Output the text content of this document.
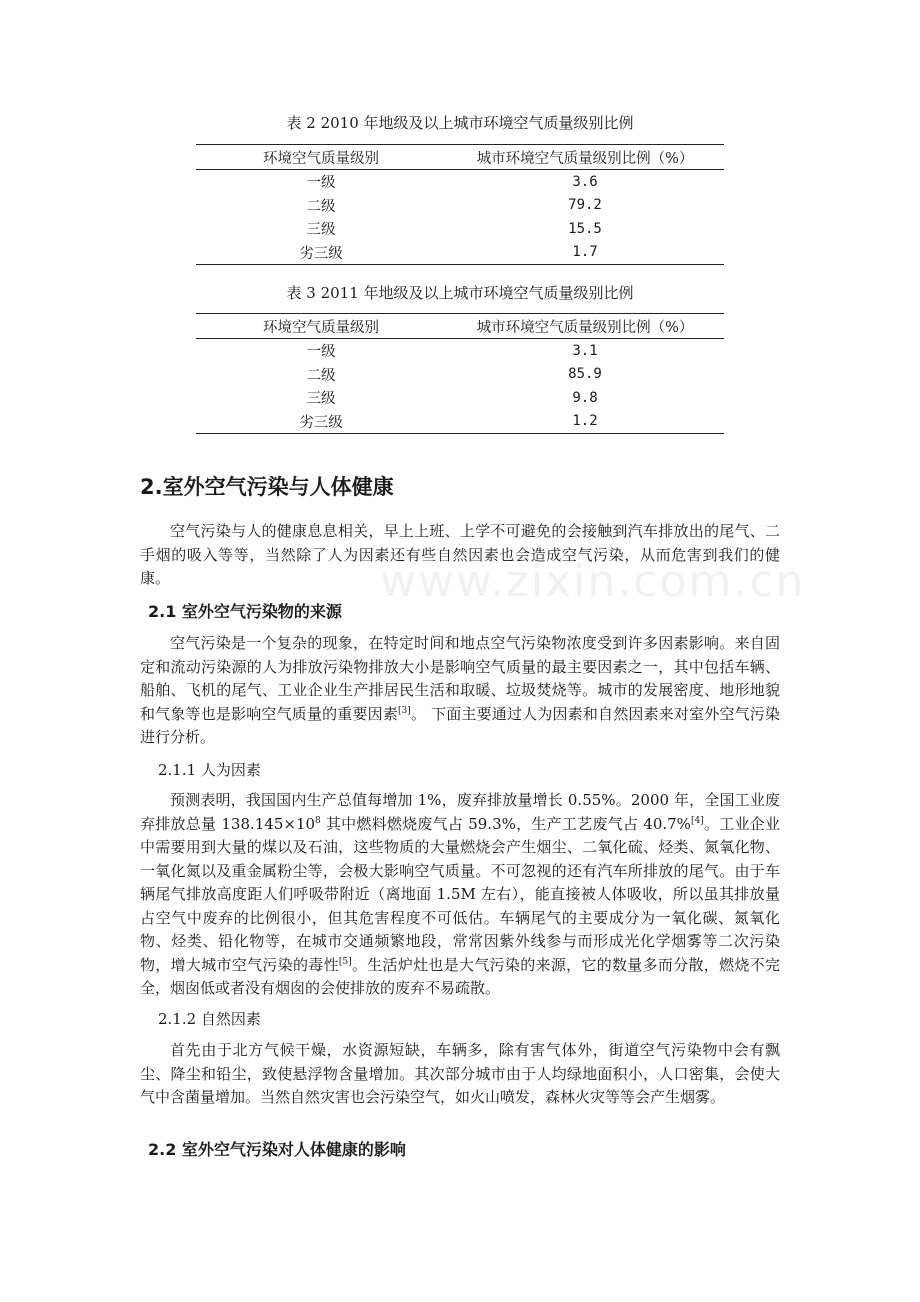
表 2 2010 年地级及以上城市环境空气质量级别比例
环境空气质量级别	城市环境空气质量级别比例（%）
一级	3.6
二级	79.2
三级	15.5
劣三级	1.7
表 3 2011 年地级及以上城市环境空气质量级别比例
环境空气质量级别	城市环境空气质量级别比例（%）
一级	3.1
二级	85.9
三级	9.8
劣三级	1.2
2.室外空气污染与人体健康

空气污染与人的健康息息相关，早上上班、上学不可避免的会接触到汽车排放出的尾气、二手烟的吸入等等，当然除了人为因素还有些自然因素也会造成空气污染，从而危害到我们的健康。	www.zixin.com.cn
2.1 室外空气污染物的来源

空气污染是一个复杂的现象，在特定时间和地点空气污染物浓度受到许多因素影响。来自固定和流动污染源的人为排放污染物排放大小是影响空气质量的最主要因素之一，其中包括车辆、船舶、飞机的尾气、工业企业生产排居民生活和取暖、垃圾焚烧等。城市的发展密度、地形地貌和气象等也是影响空气质量的重要因素[3]。 下面主要通过人为因素和自然因素来对室外空气污染进行分析。

2.1.1 人为因素

预测表明，我国国内生产总值每增加 1%，废弃排放量增长 0.55%。2000 年，全国工业废弃排放总量 $138.145\times 10^8$ 其中燃料燃烧废气占 59.3%，生产工艺废气占 40.7%[4]。工业企业中需要用到大量的煤以及石油，这些物质的大量燃烧会产生烟尘、二氧化硫、烃类、氮氧化物、一氧化氮以及重金属粉尘等，会极大影响空气质量。不可忽视的还有汽车所排放的尾气。由于车辆尾气排放高度距人们呼吸带附近（离地面 1.5M 左右），能直接被人体吸收，所以虽其排放量占空气中废弃的比例很小，但其危害程度不可低估。车辆尾气的主要成分为一氧化碳、氮氧化物、烃类、铅化物等，在城市交通频繁地段，常常因紫外线参与而形成光化学烟雾等二次污染物，增大城市空气污染的毒性[5]。生活炉灶也是大气污染的来源，它的数量多而分散，燃烧不完全，烟囱低或者没有烟囱的会使排放的废弃不易疏散。

2.1.2 自然因素

首先由于北方气候干燥，水资源短缺，车辆多，除有害气体外，街道空气污染物中会有飘尘、降尘和铅尘，致使悬浮物含量增加。其次部分城市由于人均绿地面积小，人口密集，会使大气中含菌量增加。当然自然灾害也会污染空气，如火山喷发，森林火灾等等会产生烟雾。

2.2 室外空气污染对人体健康的影响
